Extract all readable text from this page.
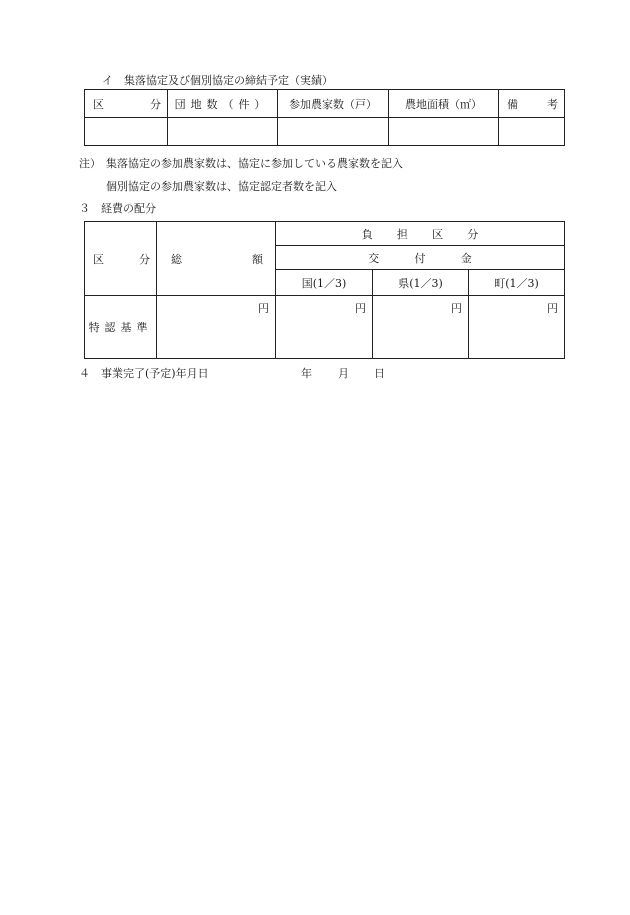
イ　集落協定及び個別協定の締結予定（実績）
区 分	団地数（件）	参加農家数（戸）	農地面積（㎡）	備 考

注） 集落協定の参加農家数は、協定に参加している農家数を記入
個別協定の参加農家数は、協定認定者数を記入
３　経費の配分
区 分	総 額	負担区分		
		交付金		
		国(1／3)	県(1／3)	町(1／3)
特認基準	円	円	円	円
４　事業完了(予定)年月日	年 月 日
